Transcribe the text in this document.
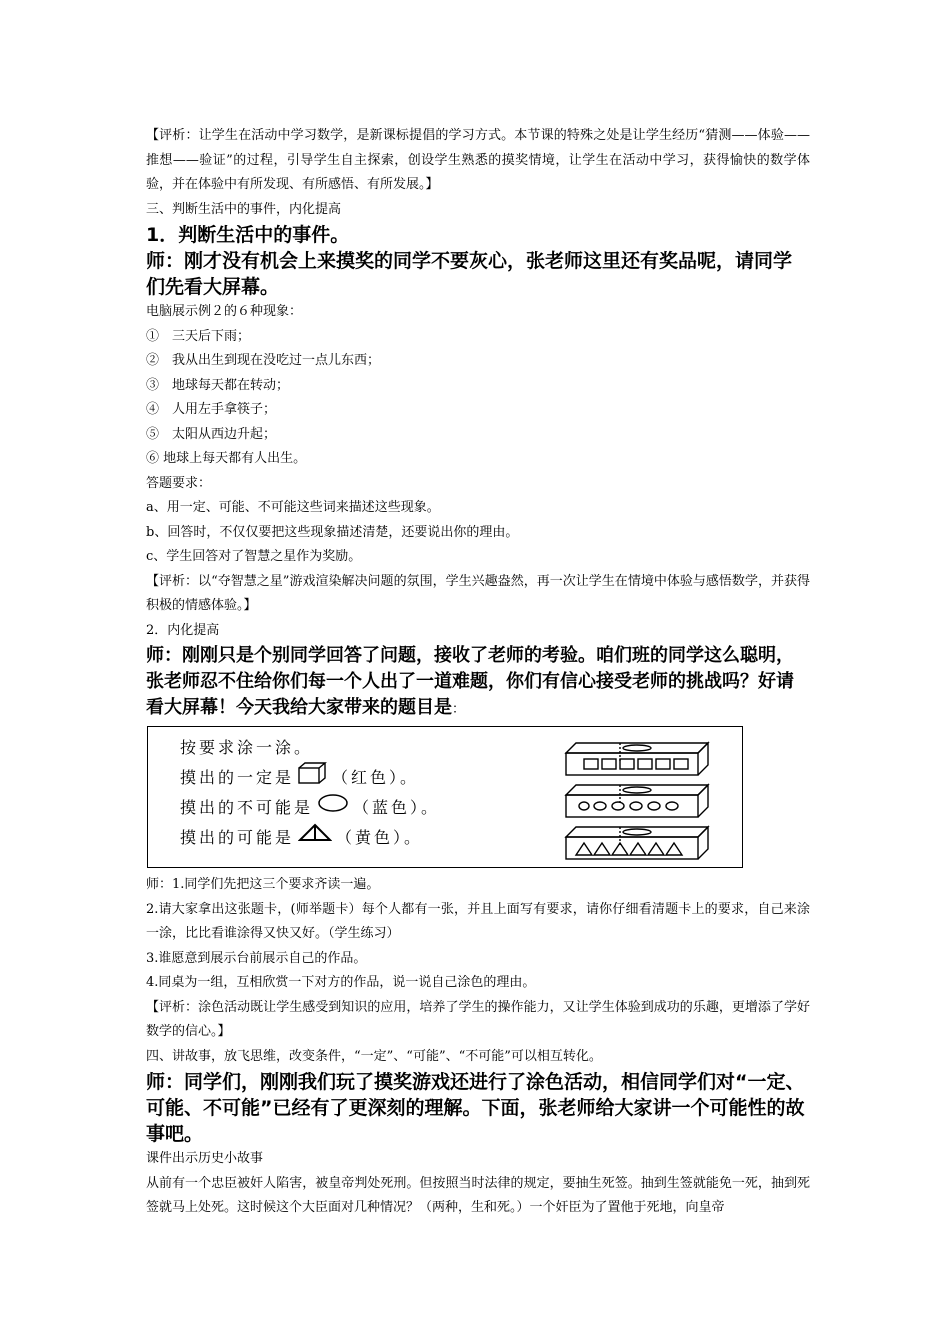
【评析：让学生在活动中学习数学，是新课标提倡的学习方式。本节课的特殊之处是让学生经历“猜测——体验——推想——验证”的过程，引导学生自主探索，创设学生熟悉的摸奖情境，让学生在活动中学习，获得愉快的数学体验，并在体验中有所发现、有所感悟、有所发展。】

三、判断生活中的事件，内化提高

1．判断生活中的事件。

师：刚才没有机会上来摸奖的同学不要灰心，张老师这里还有奖品呢，请同学们先看大屏幕。

电脑展示例２的６种现象：

①　三天后下雨；

②　我从出生到现在没吃过一点儿东西；

③　地球每天都在转动；

④　人用左手拿筷子；

⑤　太阳从西边升起；

⑥ 地球上每天都有人出生。

答题要求：

a、用一定、可能、不可能这些词来描述这些现象。

b、回答时，不仅仅要把这些现象描述清楚，还要说出你的理由。

c、学生回答对了智慧之星作为奖励。

【评析：以“夺智慧之星”游戏渲染解决问题的氛围，学生兴趣盎然，再一次让学生在情境中体验与感悟数学，并获得积极的情感体验。】

2．内化提高

师：刚刚只是个别同学回答了问题，接收了老师的考验。咱们班的同学这么聪明，张老师忍不住给你们每一个人出了一道难题，你们有信心接受老师的挑战吗？好请看大屏幕！今天我给大家带来的题目是：

按要求涂一涂。
摸出的一定是 （红色）。
摸出的不可能是	（蓝色）。
摸出的可能是	（黄色）。

师：1.同学们先把这三个要求齐读一遍。

2.请大家拿出这张题卡，(师举题卡）每个人都有一张，并且上面写有要求，请你仔细看清题卡上的要求，自己来涂一涂，比比看谁涂得又快又好。（学生练习）

3.谁愿意到展示台前展示自己的作品。

4.同桌为一组，互相欣赏一下对方的作品，说一说自己涂色的理由。

【评析：涂色活动既让学生感受到知识的应用，培养了学生的操作能力，又让学生体验到成功的乐趣，更增添了学好数学的信心。】

四、讲故事，放飞思维，改变条件，“一定”、“可能”、“不可能”可以相互转化。

师：同学们，刚刚我们玩了摸奖游戏还进行了涂色活动，相信同学们对“一定、可能、不可能”已经有了更深刻的理解。下面，张老师给大家讲一个可能性的故事吧。

课件出示历史小故事

从前有一个忠臣被奸人陷害，被皇帝判处死刑。但按照当时法律的规定，要抽生死签。抽到生签就能免一死，抽到死签就马上处死。这时候这个大臣面对几种情况？（两种，生和死。）一个奸臣为了置他于死地，向皇帝
